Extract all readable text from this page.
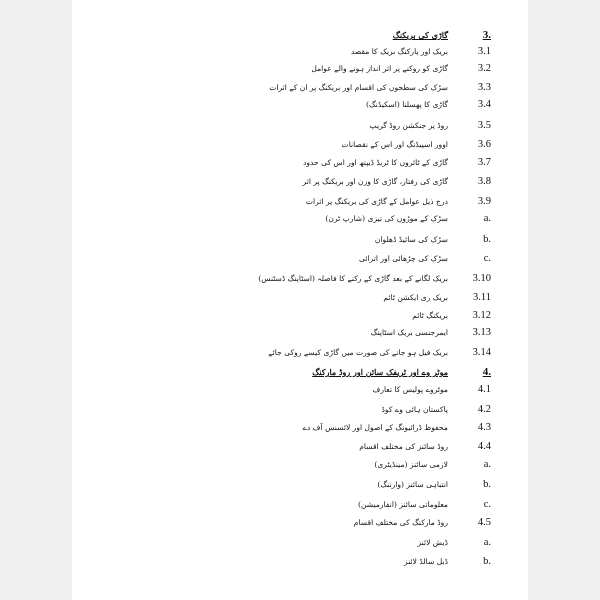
گاڑی کی بریکنگ	3.
بریک اور پارکنگ بریک کا مقصد	3.1
گاڑی کو روکنے پر اثر انداز ہونے والے عوامل	3.2
سڑک کی سطحوں کی اقسام اور بریکنگ پر ان کے اثرات	3.3
گاڑی کا پھسلنا (اسکیڈنگ)	3.4
روڈ پر جنکشن روڈ گریپ	3.5
اوور اسپیڈنگ اور اس کے نقصانات	3.6
گاڑی کے ٹائروں کا ٹریڈ ڈیپتھ اور اس کی حدود	3.7
گاڑی کی رفتار، گاڑی کا وزن اور بریکنگ پر اثر	3.8
درج ذیل عوامل کے گاڑی کی بریکنگ پر اثرات	3.9
سڑک کے موڑوں کی تیزی (شارپ ٹرن)	a.
سڑک کی سائیڈ ڈھلوان	b.
سڑک کی چڑھائی اور اترائی	c.
بریک لگانے کے بعد گاڑی کے رکنے کا فاصلہ (اسٹاپنگ ڈسٹنس) 3.10
بریک ری ایکشن ٹائم 3.11
بریکنگ ٹائم 3.12
ایمرجنسی بریک اسٹاپنگ 3.13
بریک فیل ہو جانے کی صورت میں گاڑی کیسے روکی جائے 3.14
موٹر وے اور ٹریفک سائن اور روڈ مارکنگ	4.
موٹروے پولیس کا تعارف	4.1
پاکستان ہائی وے کوڈ	4.2
محفوظ ڈرائیونگ کے اصول اور لائسنس آف دے	4.3
روڈ سائنز کی مختلف اقسام	4.4
لازمی سائنز (مینڈیٹری)	a.
انتباہی سائنز (وارننگ)	b.
معلوماتی سائنز (انفارمیشن)	c.
روڈ مارکنگ کی مختلف اقسام	4.5
ڈیش لائنز	a.
ڈبل سالڈ لائنز	b.
